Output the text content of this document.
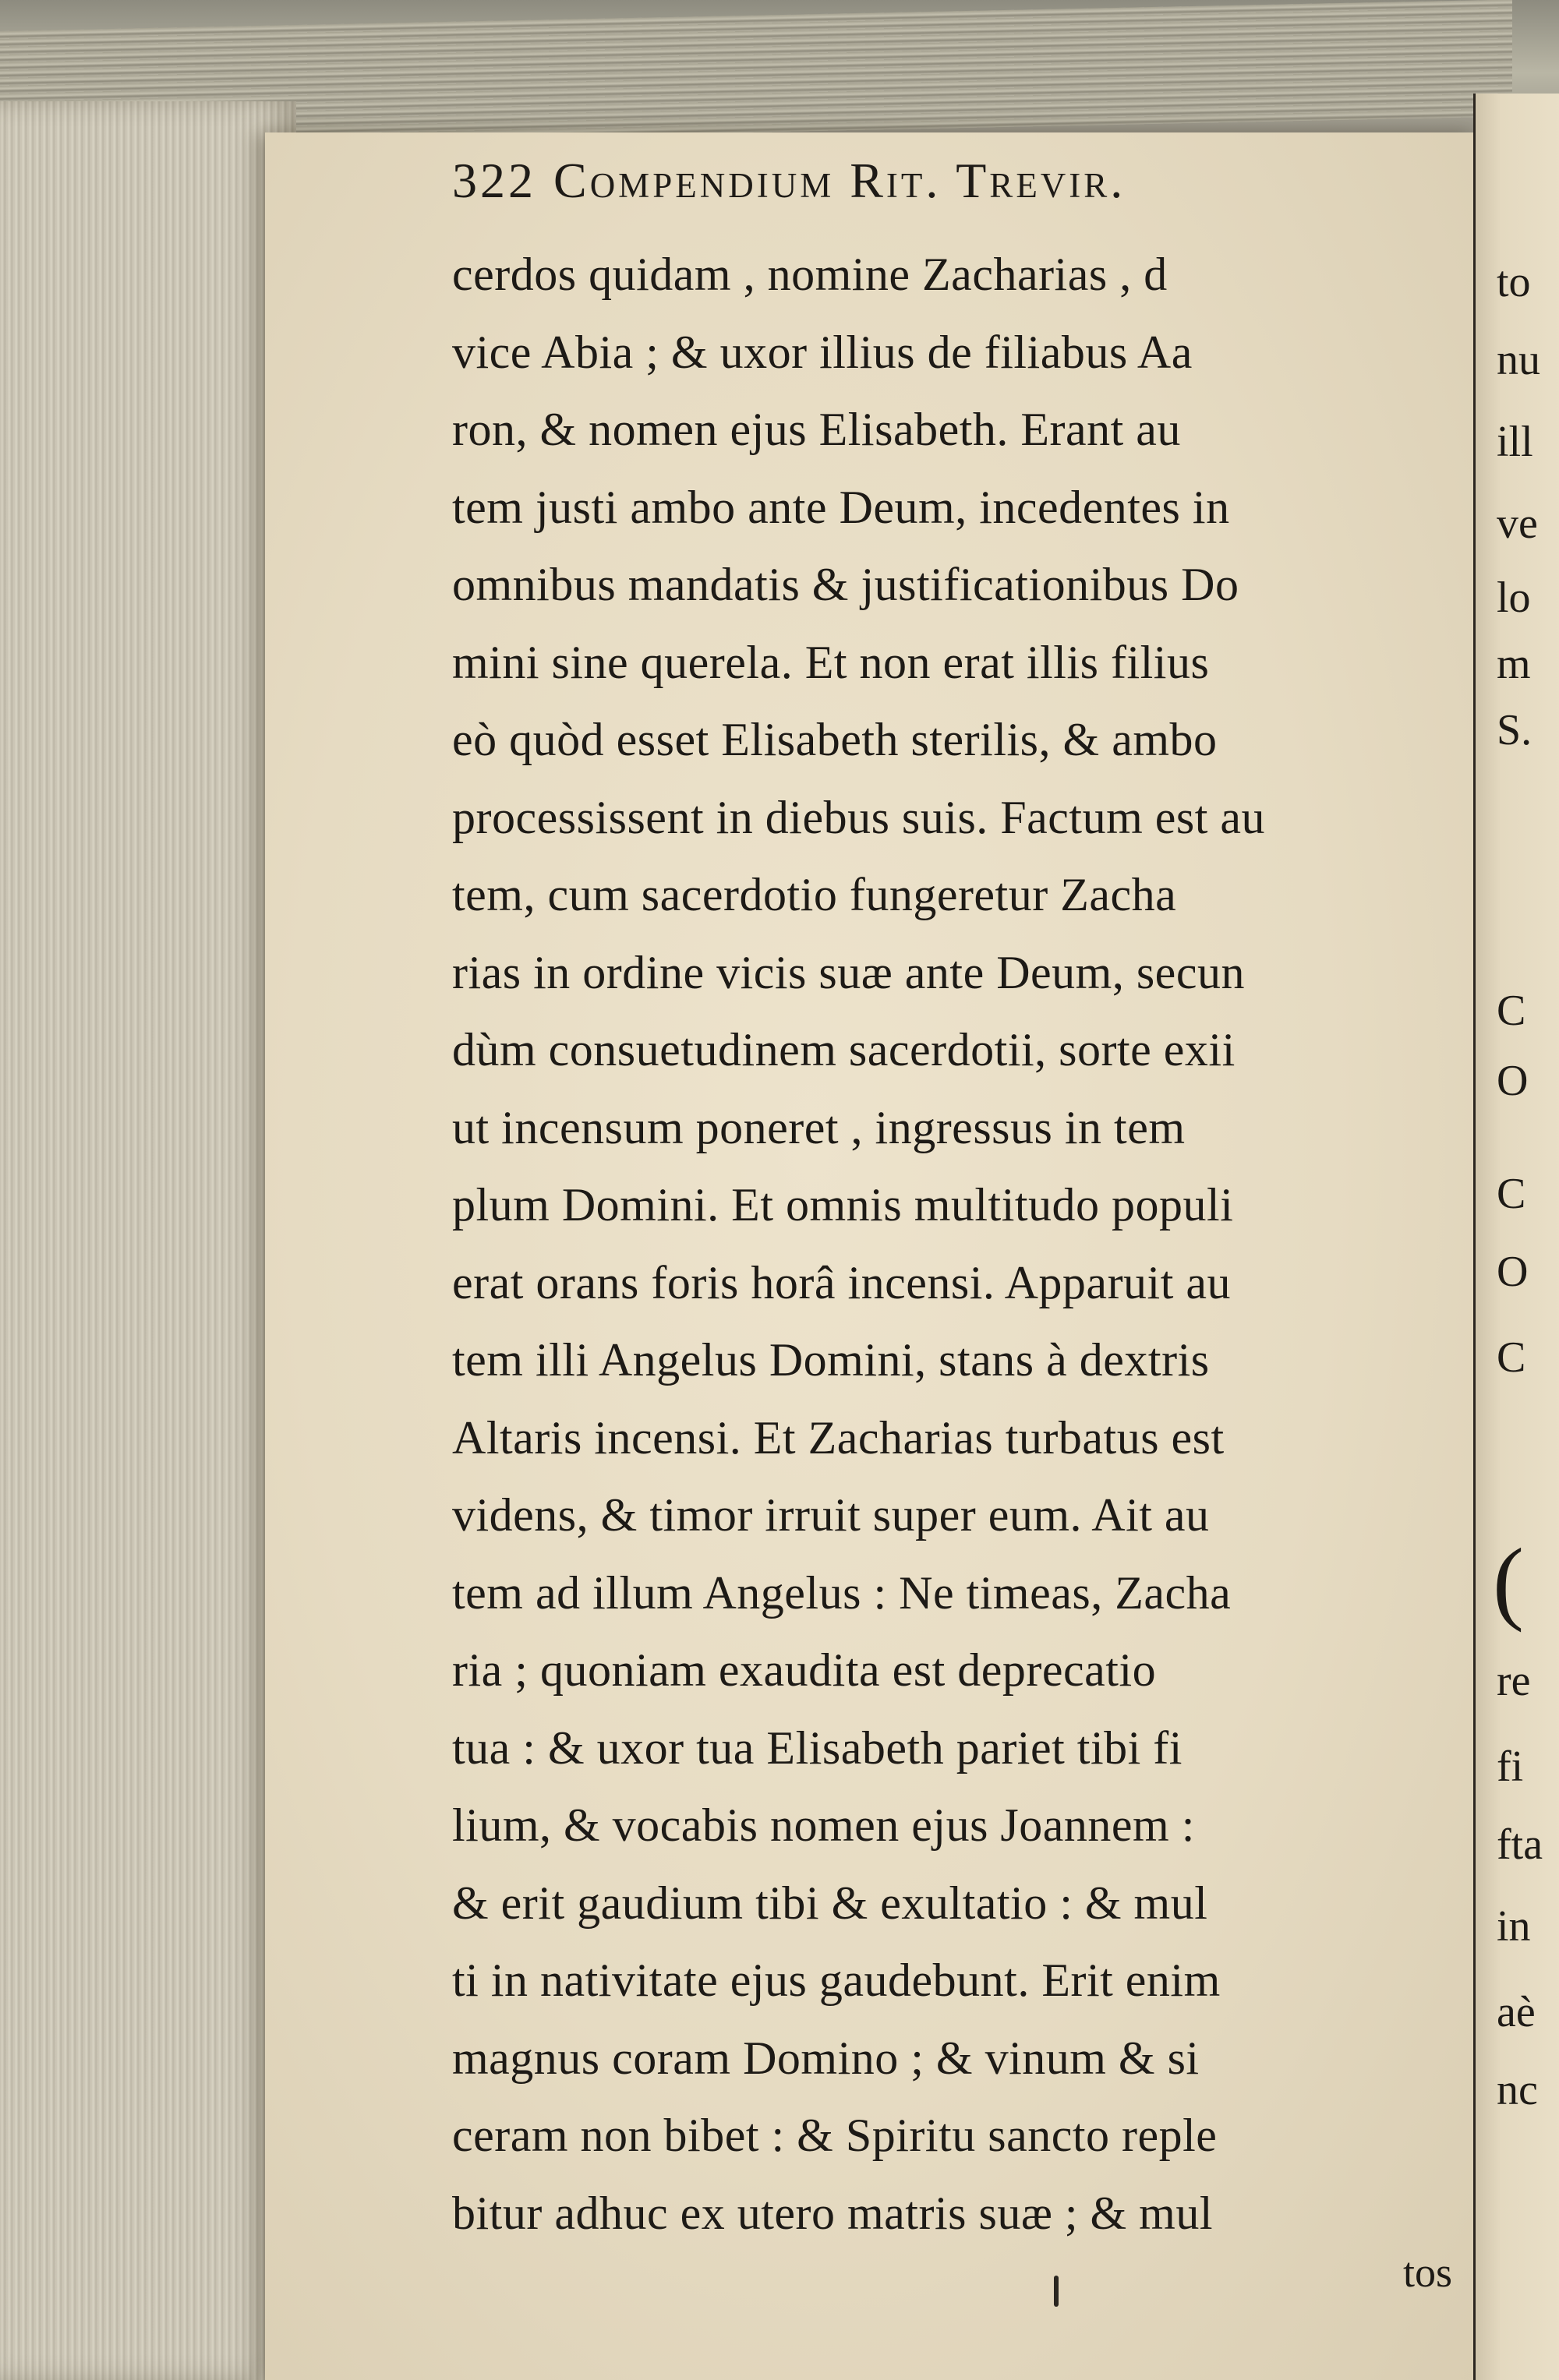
322 Compendium Rit. Trevir.
cerdos quidam , nomine Zacharias , d
vice Abia ; & uxor illius de filiabus Aa
ron, & nomen ejus Elisabeth. Erant au
tem justi ambo ante Deum, incedentes in
omnibus mandatis & justificationibus Do
mini sine querela. Et non erat illis filius
eò quòd esset Elisabeth sterilis, & ambo
processissent in diebus suis. Factum est au
tem, cum sacerdotio fungeretur Zacha
rias in ordine vicis suæ ante Deum, secun
dùm consuetudinem sacerdotii, sorte exii
ut incensum poneret , ingressus in tem
plum Domini. Et omnis multitudo populi
erat orans foris horâ incensi. Apparuit au
tem illi Angelus Domini, stans à dextris
Altaris incensi. Et Zacharias turbatus est
videns, & timor irruit super eum. Ait au
tem ad illum Angelus : Ne timeas, Zacha
ria ; quoniam exaudita est deprecatio
tua : & uxor tua Elisabeth pariet tibi fi
lium, & vocabis nomen ejus Joannem :
& erit gaudium tibi & exultatio : & mul
ti in nativitate ejus gaudebunt. Erit enim
magnus coram Domino ; & vinum & si
ceram non bibet : & Spiritu sancto reple
bitur adhuc ex utero matris suæ ; & mul
tos
to
nu
ill
ve
lo
m
S.
C
O
C
O
C
(
re
fi
fta
in
aè
nc
